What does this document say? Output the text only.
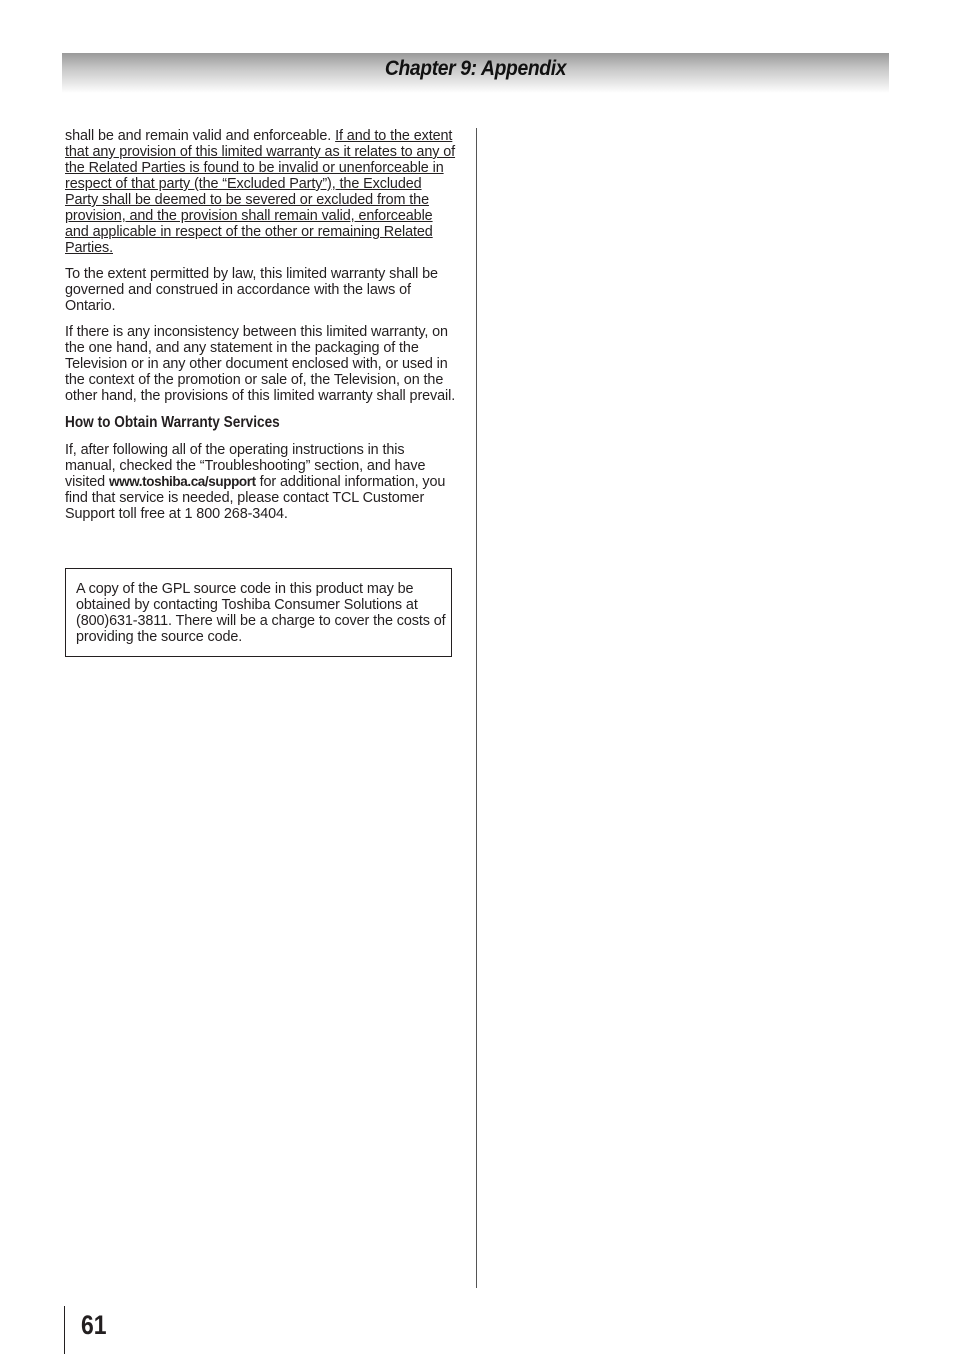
Chapter 9: Appendix

shall be and remain valid and enforceable. If and to the extent that any provision of this limited warranty as it relates to any of the Related Parties is found to be invalid or unenforceable in respect of that party (the “Excluded Party”), the Excluded Party shall be deemed to be severed or excluded from the provision, and the provision shall remain valid, enforceable and applicable in respect of the other or remaining Related Parties.

To the extent permitted by law, this limited warranty shall be governed and construed in accordance with the laws of Ontario.

If there is any inconsistency between this limited warranty, on the one hand, and any statement in the packaging of the Television or in any other document enclosed with, or used in the context of the promotion or sale of, the Television, on the other hand, the provisions of this limited warranty shall prevail.

How to Obtain Warranty Services

If, after following all of the operating instructions in this manual, checked the “Troubleshooting” section, and have visited www.toshiba.ca/support for additional information, you find that service is needed, please contact TCL Customer Support toll free at 1 800 268-3404.

A copy of the GPL source code in this product may be obtained by contacting Toshiba Consumer Solutions at (800)631-3811. There will be a charge to cover the costs of providing the source code.

61
